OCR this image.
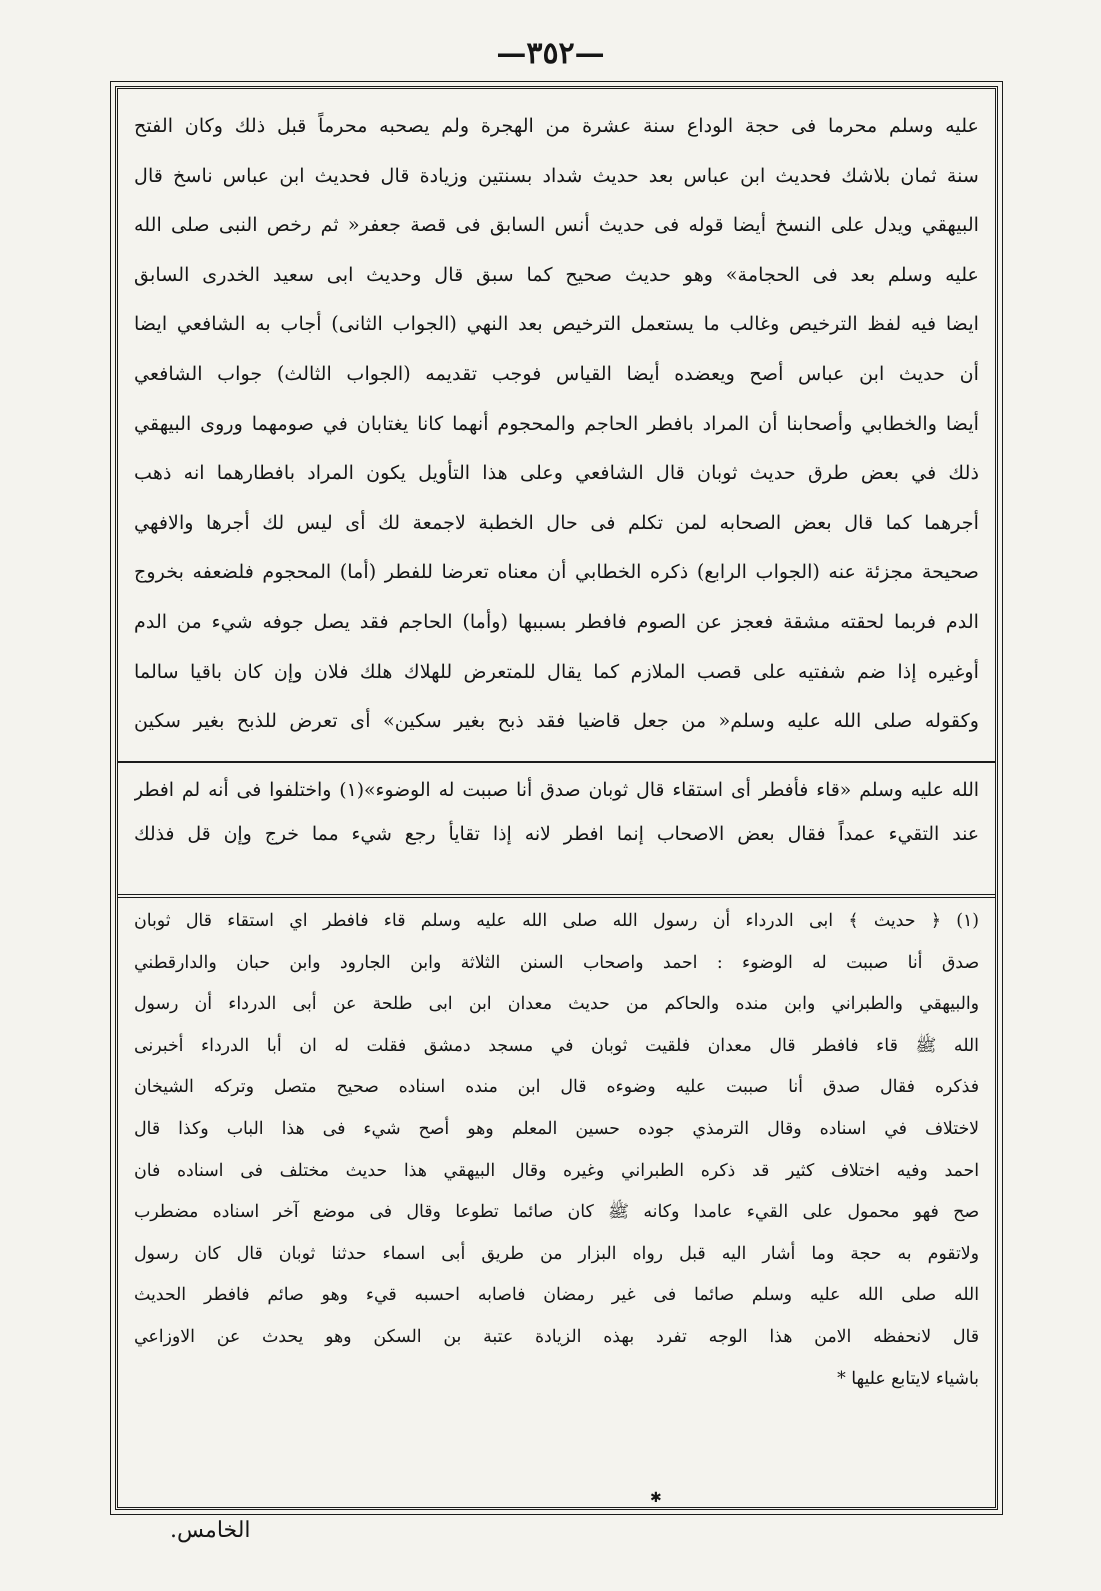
—٣٥٢—
عليه وسلم محرما فى حجة الوداع سنة عشرة من الهجرة ولم يصحبه محرماً قبل ذلك وكان الفتح
سنة ثمان بلاشك فحديث ابن عباس بعد حديث شداد بسنتين وزيادة قال فحديث ابن عباس ناسخ قال
البيهقي ويدل على النسخ أيضا قوله فى حديث أنس السابق فى قصة جعفر« ثم رخص النبى صلى الله
عليه وسلم بعد فى الحجامة» وهو حديث صحيح كما سبق قال وحديث ابى سعيد الخدرى السابق
ايضا فيه لفظ الترخيص وغالب ما يستعمل الترخيص بعد النهي (الجواب الثانى) أجاب به الشافعي ايضا
أن حديث ابن عباس أصح ويعضده أيضا القياس فوجب تقديمه (الجواب الثالث) جواب الشافعي
أيضا والخطابي وأصحابنا أن المراد بافطر الحاجم والمحجوم أنهما كانا يغتابان في صومهما وروى البيهقي
ذلك في بعض طرق حديث ثوبان قال الشافعي وعلى هذا التأويل يكون المراد بافطارهما انه ذهب
أجرهما كما قال بعض الصحابه لمن تكلم فى حال الخطبة لاجمعة لك أى ليس لك أجرها والافهي
صحيحة مجزئة عنه (الجواب الرابع) ذكره الخطابي أن معناه تعرضا للفطر (أما) المحجوم فلضعفه بخروج
الدم فربما لحقته مشقة فعجز عن الصوم فافطر بسببها (وأما) الحاجم فقد يصل جوفه شيء من الدم
أوغيره إذا ضم شفتيه على قصب الملازم كما يقال للمتعرض للهلاك هلك فلان وإن كان باقيا سالما
وكقوله صلى الله عليه وسلم« من جعل قاضيا فقد ذبح بغير سكين» أى تعرض للذبح بغير سكين
الله عليه وسلم «قاء فأفطر أى استقاء قال ثوبان صدق أنا صببت له الوضوء»(١) واختلفوا فى أنه لم افطر
عند التقيء عمداً فقال بعض الاصحاب إنما افطر لانه إذا تقايأ رجع شيء مما خرج وإن قل فذلك
(١) ﴿ حديث ﴾ ابى الدرداء أن رسول الله صلى الله عليه وسلم قاء فافطر اي استقاء قال ثوبان
صدق أنا صببت له الوضوء : احمد واصحاب السنن الثلاثة وابن الجارود وابن حبان والدارقطني
والبيهقي والطبراني وابن منده والحاكم من حديث معدان ابن ابى طلحة عن أبى الدرداء أن رسول
الله ﷺ قاء فافطر قال معدان فلقيت ثوبان في مسجد دمشق فقلت له ان أبا الدرداء أخبرنى
فذكره فقال صدق أنا صببت عليه وضوءه قال ابن منده اسناده صحيح متصل وتركه الشيخان
لاختلاف في اسناده وقال الترمذي جوده حسين المعلم وهو أصح شيء فى هذا الباب وكذا قال
احمد وفيه اختلاف كثير قد ذكره الطبراني وغيره وقال البيهقي هذا حديث مختلف فى اسناده فان
صح فهو محمول على القيء عامدا وكانه ﷺ كان صائما تطوعا وقال فى موضع آخر اسناده مضطرب
ولاتقوم به حجة وما أشار اليه قبل رواه البزار من طريق أبى اسماء حدثنا ثوبان قال كان رسول
الله صلى الله عليه وسلم صائما فى غير رمضان فاصابه احسبه قيء وهو صائم فافطر الحديث
قال لانحفظه الامن هذا الوجه تفرد بهذه الزيادة عتبة بن السكن وهو يحدث عن الاوزاعي
باشياء لايتابع عليها *
✱
الخامس.
